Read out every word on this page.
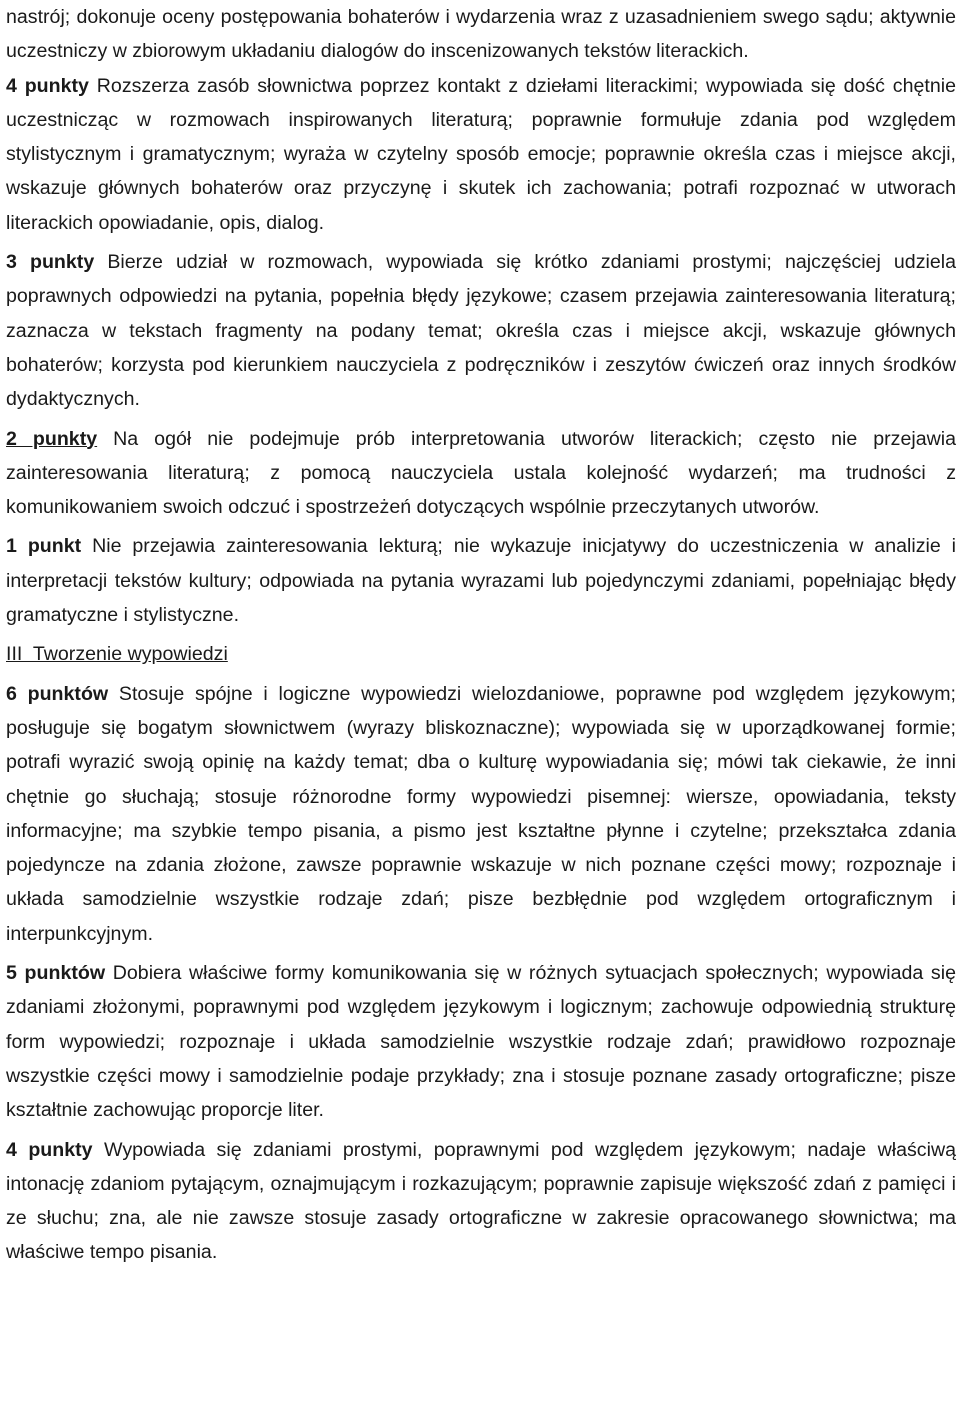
nastrój; dokonuje oceny postępowania bohaterów i wydarzenia wraz z uzasadnieniem swego sądu; aktywnie uczestniczy w zbiorowym układaniu dialogów do inscenizowanych tekstów literackich.

4 punkty Rozszerza zasób słownictwa poprzez kontakt z dziełami literackimi; wypowiada się dość chętnie uczestnicząc w rozmowach inspirowanych literaturą; poprawnie formułuje zdania pod względem stylistycznym i gramatycznym; wyraża w czytelny sposób emocje; poprawnie określa czas i miejsce akcji, wskazuje głównych bohaterów oraz przyczynę i skutek ich zachowania; potrafi rozpoznać w utworach literackich opowiadanie, opis, dialog.

3 punkty Bierze udział w rozmowach, wypowiada się krótko zdaniami prostymi; najczęściej udziela poprawnych odpowiedzi na pytania, popełnia błędy językowe; czasem przejawia zainteresowania literaturą; zaznacza w tekstach fragmenty na podany temat; określa czas i miejsce akcji, wskazuje głównych bohaterów; korzysta pod kierunkiem nauczyciela z podręczników i zeszytów ćwiczeń oraz innych środków dydaktycznych.

2 punkty Na ogół nie podejmuje prób interpretowania utworów literackich; często nie przejawia zainteresowania literaturą; z pomocą nauczyciela ustala kolejność wydarzeń; ma trudności z komunikowaniem swoich odczuć i spostrzeżeń dotyczących wspólnie przeczytanych utworów.

1 punkt Nie przejawia zainteresowania lekturą; nie wykazuje inicjatywy do uczestniczenia w analizie i interpretacji tekstów kultury; odpowiada na pytania wyrazami lub pojedynczymi zdaniami, popełniając błędy gramatyczne i stylistyczne.

III  Tworzenie wypowiedzi

6 punktów Stosuje spójne i logiczne wypowiedzi wielozdaniowe, poprawne pod względem językowym; posługuje się bogatym słownictwem (wyrazy bliskoznaczne); wypowiada się w uporządkowanej formie; potrafi wyrazić swoją opinię na każdy temat; dba o kulturę wypowiadania się; mówi tak ciekawie, że inni chętnie go słuchają; stosuje różnorodne formy wypowiedzi pisemnej: wiersze, opowiadania, teksty informacyjne; ma szybkie tempo pisania, a pismo jest kształtne płynne i czytelne; przekształca zdania pojedyncze na zdania złożone, zawsze poprawnie wskazuje w nich poznane części mowy; rozpoznaje i układa samodzielnie wszystkie rodzaje zdań; pisze bezbłędnie pod względem ortograficznym i interpunkcyjnym.

5 punktów Dobiera właściwe formy komunikowania się w różnych sytuacjach społecznych; wypowiada się zdaniami złożonymi, poprawnymi pod względem językowym i logicznym; zachowuje odpowiednią strukturę form wypowiedzi; rozpoznaje i układa samodzielnie wszystkie rodzaje zdań; prawidłowo rozpoznaje wszystkie części mowy i samodzielnie podaje przykłady; zna i stosuje poznane zasady ortograficzne; pisze kształtnie zachowując proporcje liter.

4 punkty Wypowiada się zdaniami prostymi, poprawnymi pod względem językowym; nadaje właściwą intonację zdaniom pytającym, oznajmującym i rozkazującym; poprawnie zapisuje większość zdań z pamięci i ze słuchu; zna, ale nie zawsze stosuje zasady ortograficzne w zakresie opracowanego słownictwa; ma właściwe tempo pisania.
